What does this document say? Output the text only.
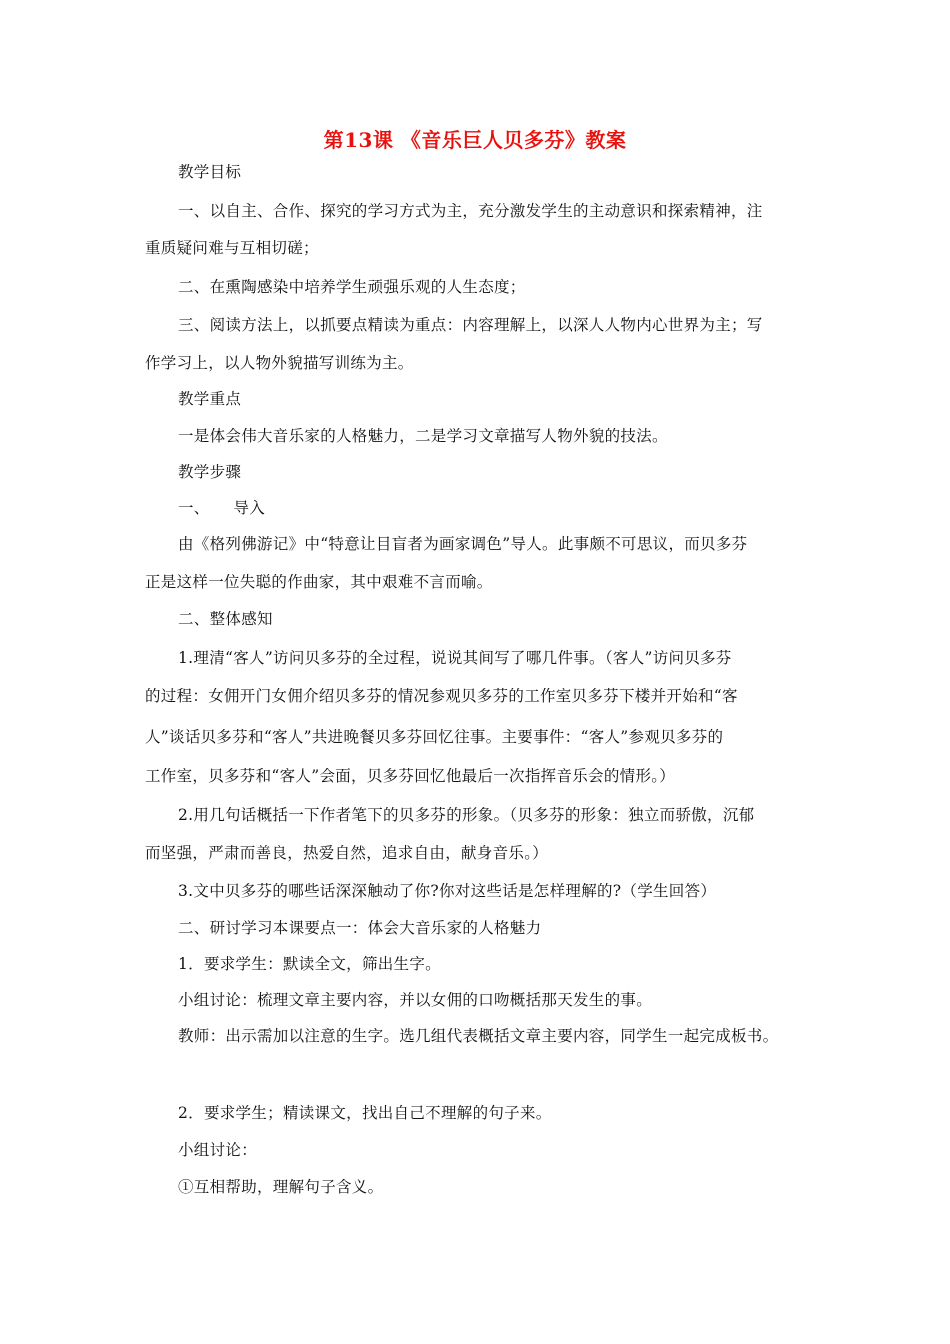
第13课 《音乐巨人贝多芬》教案
教学目标
一、以自主、合作、探究的学习方式为主，充分激发学生的主动意识和探索精神，注
重质疑问难与互相切磋；
二、在熏陶感染中培养学生顽强乐观的人生态度；
三、阅读方法上，以抓要点精读为重点：内容理解上，以深人人物内心世界为主；写
作学习上，以人物外貌描写训练为主。
教学重点
一是体会伟大音乐家的人格魅力，二是学习文章描写人物外貌的技法。
教学步骤
一、　　导入
由《格列佛游记》中“特意让目盲者为画家调色”导人。此事颇不可思议，而贝多芬
正是这样一位失聪的作曲家，其中艰难不言而喻。
二、整体感知
1.理清“客人”访问贝多芬的全过程，说说其间写了哪几件事。（客人”访问贝多芬
的过程：女佣开门女佣介绍贝多芬的情况参观贝多芬的工作室贝多芬下楼并开始和“客
人”谈话贝多芬和“客人”共进晚餐贝多芬回忆往事。主要事件：“客人”参观贝多芬的
工作室，贝多芬和“客人”会面，贝多芬回忆他最后一次指挥音乐会的情形。）
2.用几句话概括一下作者笔下的贝多芬的形象。（贝多芬的形象：独立而骄傲，沉郁
而坚强，严肃而善良，热爱自然，追求自由，献身音乐。）
3.文中贝多芬的哪些话深深触动了你?你对这些话是怎样理解的?（学生回答）
二、研讨学习本课要点一：体会大音乐家的人格魅力
1．要求学生：默读全文，筛出生字。
小组讨论：梳理文章主要内容，并以女佣的口吻概括那天发生的事。
教师：出示需加以注意的生字。选几组代表概括文章主要内容，同学生一起完成板书。
2．要求学生；精读课文，找出自己不理解的句子来。
小组讨论：
①互相帮助，理解句子含义。
